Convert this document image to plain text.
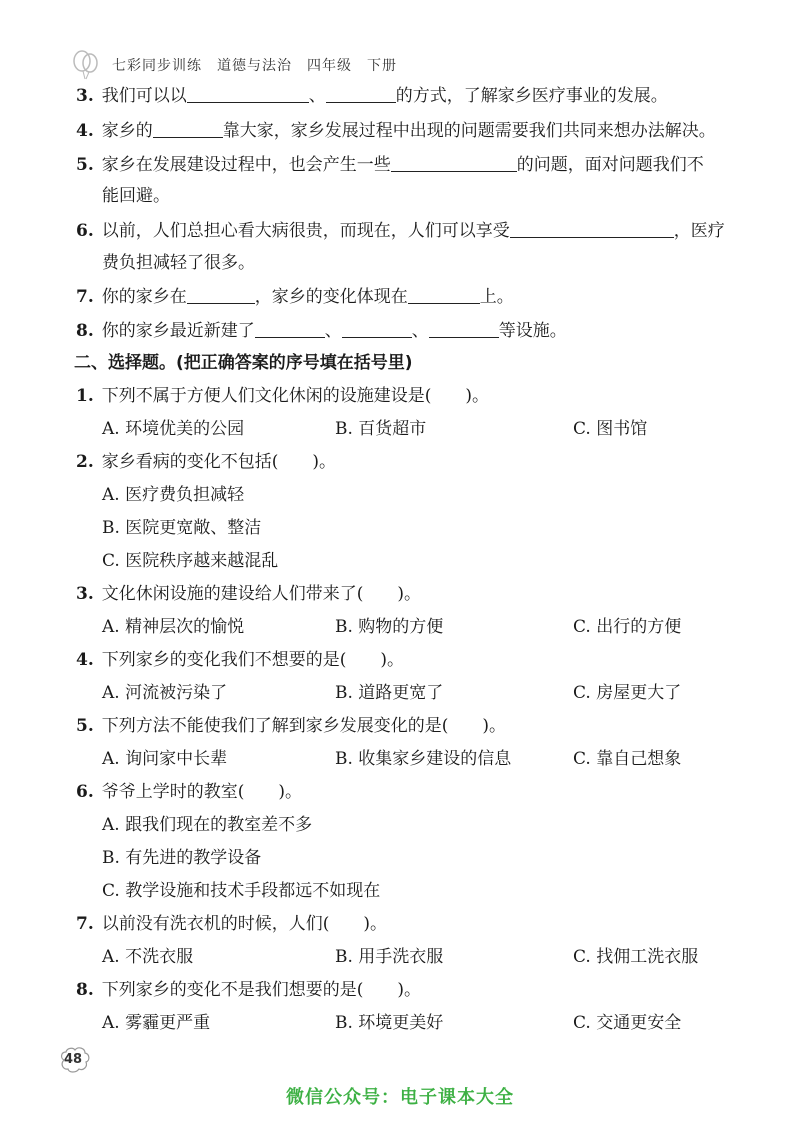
七彩同步训练　道德与法治　四年级　下册
3. 我们可以以	、	的方式，了解家乡医疗事业的发展。
4. 家乡的	靠大家，家乡发展过程中出现的问题需要我们共同来想办法解决。
5. 家乡在发展建设过程中，也会产生一些	的问题，面对问题我们不
能回避。
6. 以前，人们总担心看大病很贵，而现在，人们可以享受	，医疗
费负担减轻了很多。
7. 你的家乡在	，家乡的变化体现在	上。
8. 你的家乡最近新建了	、	、	等设施。
二、选择题。(把正确答案的序号填在括号里)
1. 下列不属于方便人们文化休闲的设施建设是(　　)。
A. 环境优美的公园	B. 百货超市	C. 图书馆
2. 家乡看病的变化不包括(　　)。
A. 医疗费负担减轻
B. 医院更宽敞、整洁
C. 医院秩序越来越混乱
3. 文化休闲设施的建设给人们带来了(　　)。
A. 精神层次的愉悦	B. 购物的方便	C. 出行的方便
4. 下列家乡的变化我们不想要的是(　　)。
A. 河流被污染了	B. 道路更宽了	C. 房屋更大了
5. 下列方法不能使我们了解到家乡发展变化的是(　　)。
A. 询问家中长辈	B. 收集家乡建设的信息	C. 靠自己想象
6. 爷爷上学时的教室(　　)。
A. 跟我们现在的教室差不多
B. 有先进的教学设备
C. 教学设施和技术手段都远不如现在
7. 以前没有洗衣机的时候，人们(　　)。
A. 不洗衣服	B. 用手洗衣服	C. 找佣工洗衣服
8. 下列家乡的变化不是我们想要的是(　　)。
A. 雾霾更严重	B. 环境更美好	C. 交通更安全
48
微信公众号：电子课本大全
